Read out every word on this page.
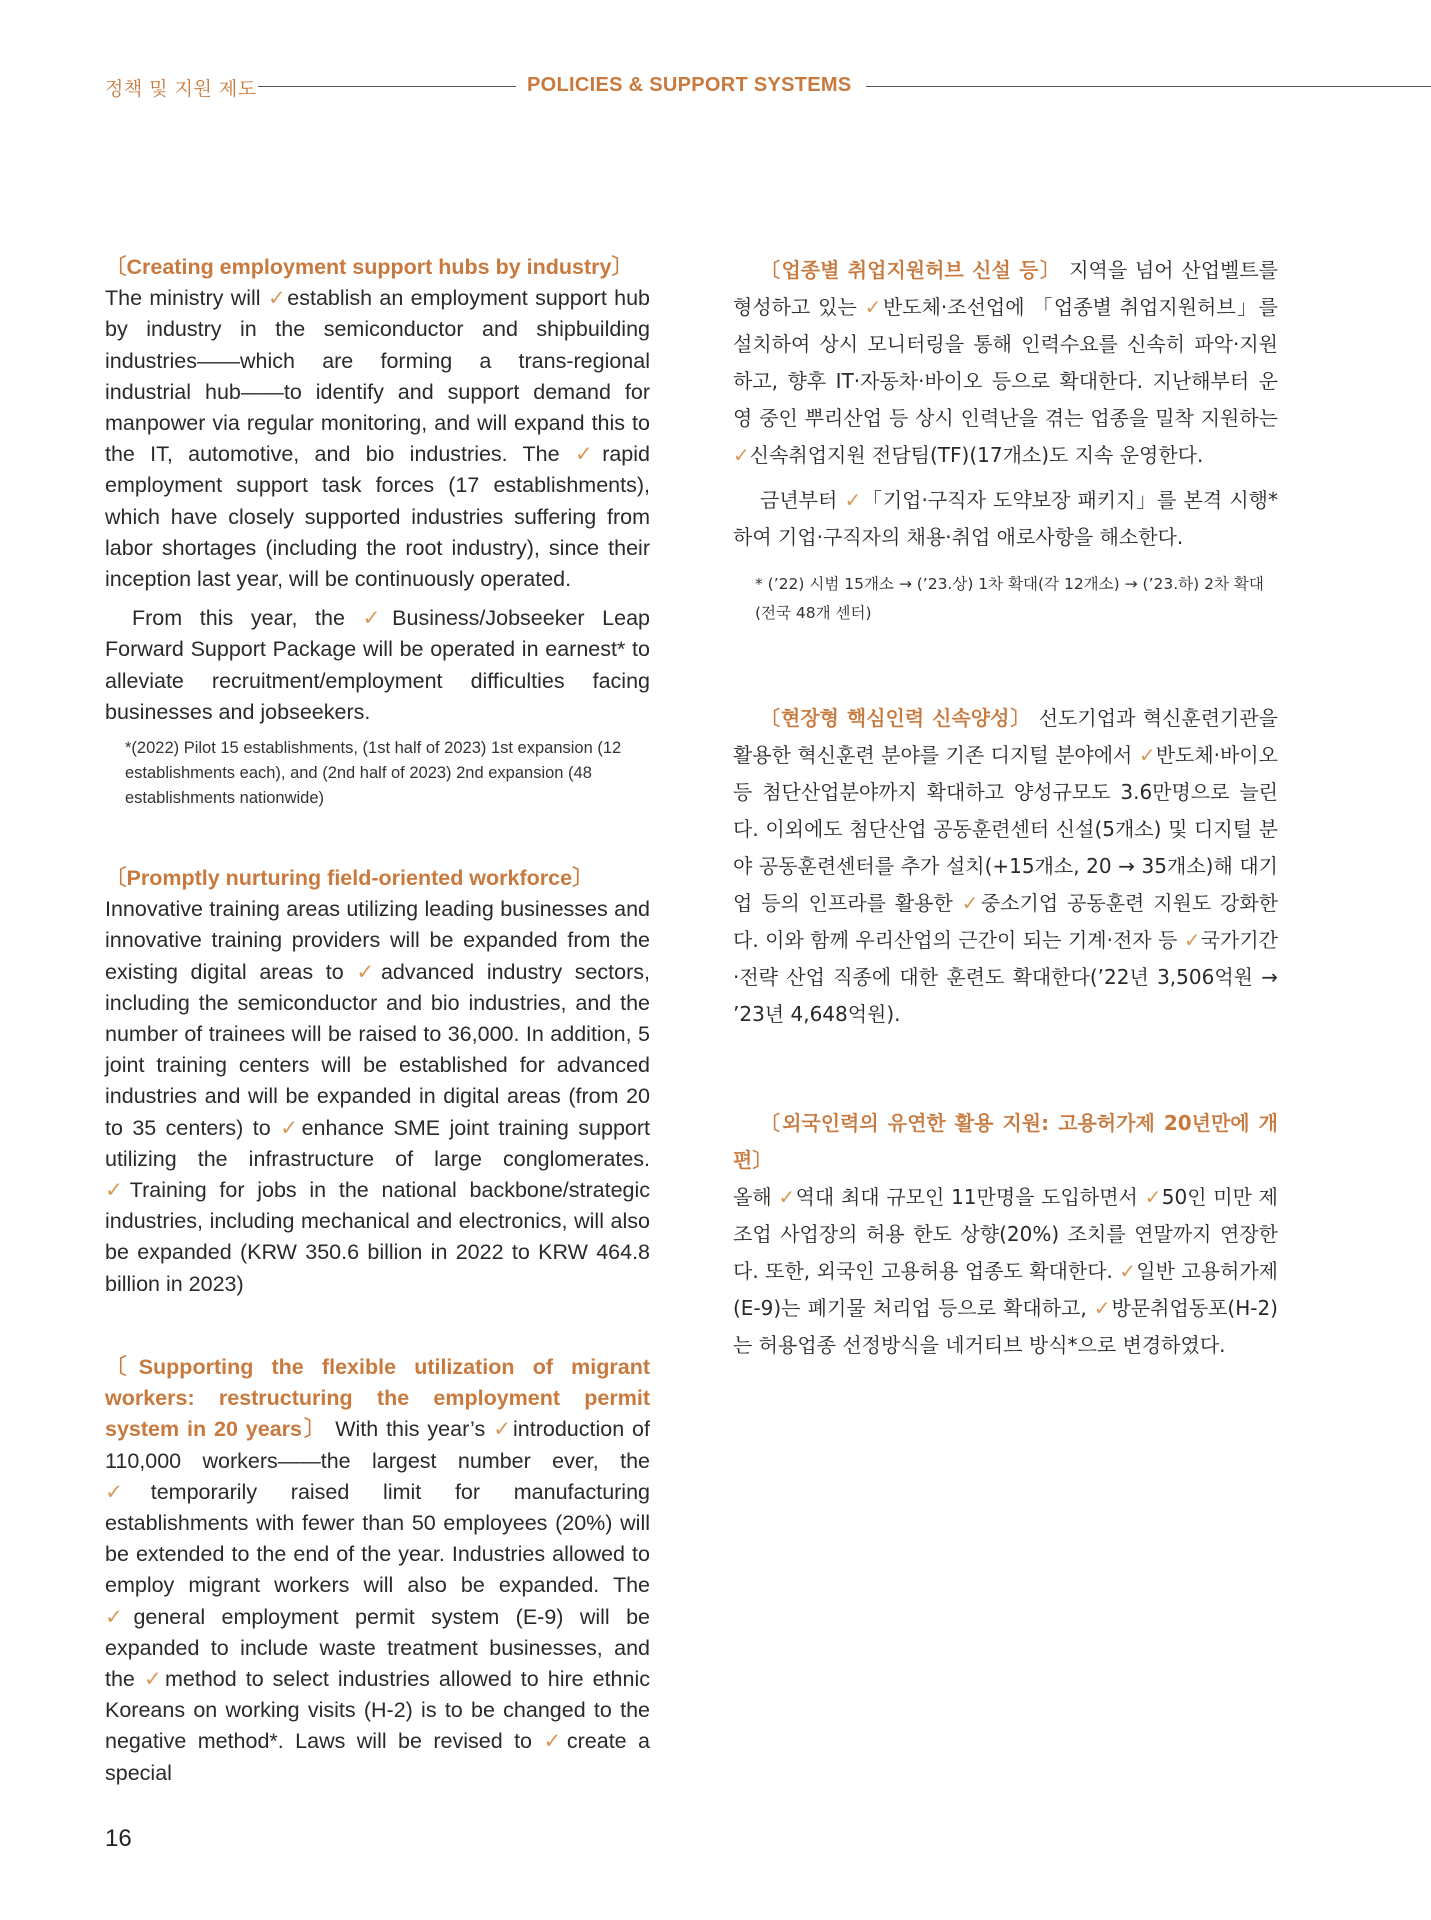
정책 및 지원 제도	POLICIES & SUPPORT SYSTEMS

〔Creating employment support hubs by industry〕
The ministry will ✓establish an employment support hub by industry in the semiconductor and shipbuilding industries——which are forming a trans-regional industrial hub——to identify and support demand for manpower via regular monitoring, and will expand this to the IT, automotive, and bio industries. The ✓rapid employment support task forces (17 establishments), which have closely supported industries suffering from labor shortages (including the root industry), since their inception last year, will be continuously operated.

From this year, the ✓Business/Jobseeker Leap Forward Support Package will be operated in earnest* to alleviate recruitment/employment difficulties facing businesses and jobseekers.

*(2022) Pilot 15 establishments, (1st half of 2023) 1st expansion (12 establishments each), and (2nd half of 2023) 2nd expansion (48 establishments nationwide)

〔Promptly nurturing field-oriented workforce〕
Innovative training areas utilizing leading businesses and innovative training providers will be expanded from the existing digital areas to ✓advanced industry sectors, including the semiconductor and bio industries, and the number of trainees will be raised to 36,000. In addition, 5 joint training centers will be established for advanced industries and will be expanded in digital areas (from 20 to 35 centers) to ✓enhance SME joint training support utilizing the infrastructure of large conglomerates. ✓Training for jobs in the national backbone/strategic industries, including mechanical and electronics, will also be expanded (KRW 350.6 billion in 2022 to KRW 464.8 billion in 2023)

〔Supporting the flexible utilization of migrant workers: restructuring the employment permit system in 20 years〕 With this year’s ✓introduction of 110,000 workers——the largest number ever, the ✓temporarily raised limit for manufacturing establishments with fewer than 50 employees (20%) will be extended to the end of the year. Industries allowed to employ migrant workers will also be expanded. The ✓general employment permit system (E-9) will be expanded to include waste treatment businesses, and the ✓method to select industries allowed to hire ethnic Koreans on working visits (H-2) is to be changed to the negative method*. Laws will be revised to ✓create a special

〔업종별 취업지원허브 신설 등〕 지역을 넘어 산업벨트를 형성하고 있는 ✓반도체·조선업에 「업종별 취업지원허브」를 설치하여 상시 모니터링을 통해 인력수요를 신속히 파악·지원하고, 향후 IT·자동차·바이오 등으로 확대한다. 지난해부터 운영 중인 뿌리산업 등 상시 인력난을 겪는 업종을 밀착 지원하는 ✓신속취업지원 전담팀(TF)(17개소)도 지속 운영한다.

금년부터 ✓「기업·구직자 도약보장 패키지」를 본격 시행*하여 기업·구직자의 채용·취업 애로사항을 해소한다.

* (’22) 시범 15개소 → (’23.상) 1차 확대(각 12개소) → (’23.하) 2차 확대(전국 48개 센터)

〔현장형 핵심인력 신속양성〕 선도기업과 혁신훈련기관을 활용한 혁신훈련 분야를 기존 디지털 분야에서 ✓반도체·바이오 등 첨단산업분야까지 확대하고 양성규모도 3.6만명으로 늘린다. 이외에도 첨단산업 공동훈련센터 신설(5개소) 및 디지털 분야 공동훈련센터를 추가 설치(+15개소, 20 → 35개소)해 대기업 등의 인프라를 활용한 ✓중소기업 공동훈련 지원도 강화한다. 이와 함께 우리산업의 근간이 되는 기계·전자 등 ✓국가기간·전략 산업 직종에 대한 훈련도 확대한다(’22년 3,506억원 → ’23년 4,648억원).

〔외국인력의 유연한 활용 지원: 고용허가제 20년만에 개편〕
올해 ✓역대 최대 규모인 11만명을 도입하면서 ✓50인 미만 제조업 사업장의 허용 한도 상향(20%) 조치를 연말까지 연장한다. 또한, 외국인 고용허용 업종도 확대한다. ✓일반 고용허가제(E-9)는 폐기물 처리업 등으로 확대하고, ✓방문취업동포(H-2)는 허용업종 선정방식을 네거티브 방식*으로 변경하였다.

16
